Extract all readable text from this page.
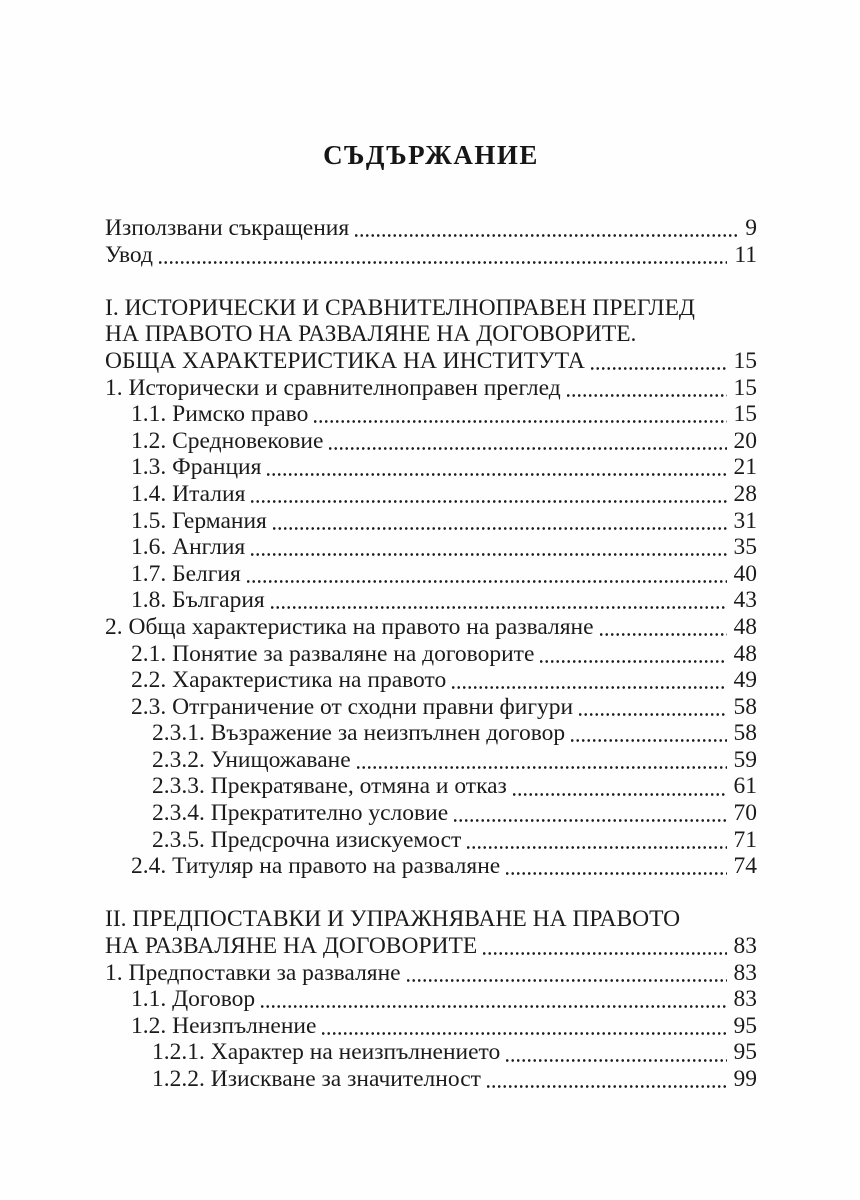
СЪДЪРЖАНИЕ
Използвани съкращения	9
Увод	11
I. ИСТОРИЧЕСКИ И СРАВНИТЕЛНОПРАВЕН ПРЕГЛЕД
НА ПРАВОТО НА РАЗВАЛЯНЕ НА ДОГОВОРИТЕ.
ОБЩА ХАРАКТЕРИСТИКА НА ИНСТИТУТА	15
1. Исторически и сравнителноправен преглед	15
1.1. Римско право	15
1.2. Средновековие	20
1.3. Франция	21
1.4. Италия	28
1.5. Германия	31
1.6. Англия	35
1.7. Белгия	40
1.8. България	43
2. Обща характеристика на правото на разваляне	48
2.1. Понятие за разваляне на договорите	48
2.2. Характеристика на правото	49
2.3. Отграничение от сходни правни фигури	58
2.3.1. Възражение за неизпълнен договор	58
2.3.2. Унищожаване	59
2.3.3. Прекратяване, отмяна и отказ	61
2.3.4. Прекратително условие	70
2.3.5. Предсрочна изискуемост	71
2.4. Титуляр на правото на разваляне	74
II. ПРЕДПОСТАВКИ И УПРАЖНЯВАНЕ НА ПРАВОТО
НА РАЗВАЛЯНЕ НА ДОГОВОРИТЕ	83
1. Предпоставки за разваляне	83
1.1. Договор	83
1.2. Неизпълнение	95
1.2.1. Характер на неизпълнението	95
1.2.2. Изискване за значителност	99
